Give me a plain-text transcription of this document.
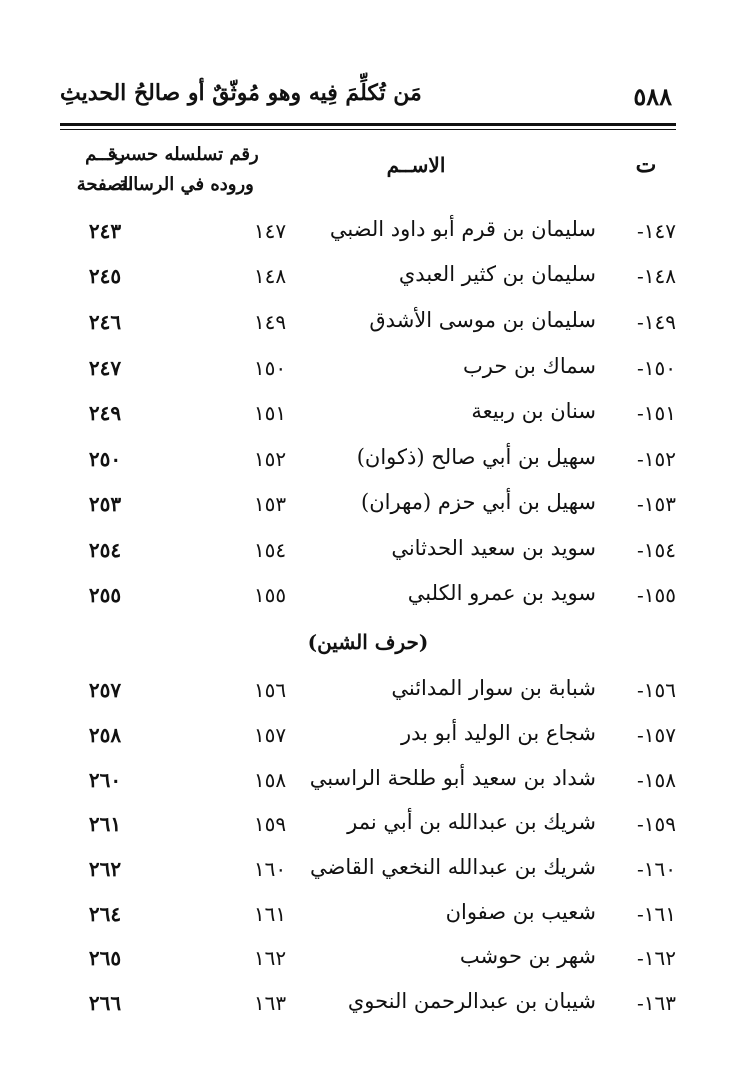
٥٨٨
مَن تُكلِّمَ فِيه وهو مُوثّقٌ أو صالحُ الحديثِ
ت
الاســم
رقم تسلسله حسب
وروده في الرسالة
رقــم
الصفحة
١٤٧-
سليمان بن قرم أبو داود الضبي
١٤٧
٢٤٣
١٤٨-
سليمان بن كثير العبدي
١٤٨
٢٤٥
١٤٩-
سليمان بن موسى الأشدق
١٤٩
٢٤٦
١٥٠-
سماك بن حرب
١٥٠
٢٤٧
١٥١-
سنان بن ربيعة
١٥١
٢٤٩
١٥٢-
سهيل بن أبي صالح (ذكوان)
١٥٢
٢٥٠
١٥٣-
سهيل بن أبي حزم (مهران)
١٥٣
٢٥٣
١٥٤-
سويد بن سعيد الحدثاني
١٥٤
٢٥٤
١٥٥-
سويد بن عمرو الكلبي
١٥٥
٢٥٥
(حرف الشين)
١٥٦-
شبابة بن سوار المدائني
١٥٦
٢٥٧
١٥٧-
شجاع بن الوليد أبو بدر
١٥٧
٢٥٨
١٥٨-
شداد بن سعيد أبو طلحة الراسبي
١٥٨
٢٦٠
١٥٩-
شريك بن عبدالله بن أبي نمر
١٥٩
٢٦١
١٦٠-
شريك بن عبدالله النخعي القاضي
١٦٠
٢٦٢
١٦١-
شعيب بن صفوان
١٦١
٢٦٤
١٦٢-
شهر بن حوشب
١٦٢
٢٦٥
١٦٣-
شيبان بن عبدالرحمن النحوي
١٦٣
٢٦٦
